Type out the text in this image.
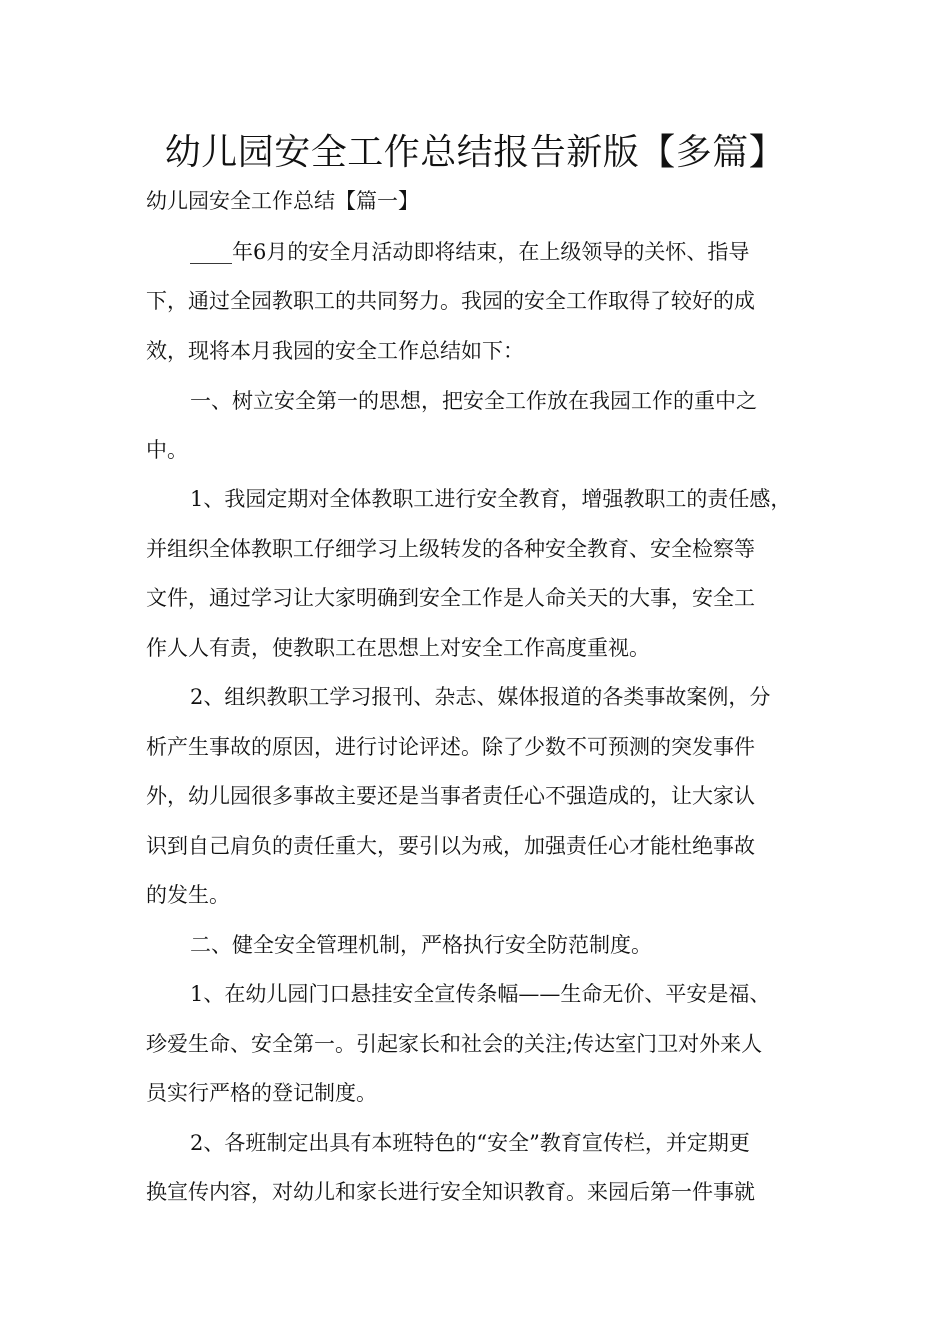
幼儿园安全工作总结报告新版【多篇】

幼儿园安全工作总结【篇一】

____年6月的安全月活动即将结束，在上级领导的关怀、指导

下，通过全园教职工的共同努力。我园的安全工作取得了较好的成

效，现将本月我园的安全工作总结如下：

一、树立安全第一的思想，把安全工作放在我园工作的重中之

中。

1、我园定期对全体教职工进行安全教育，增强教职工的责任感，

并组织全体教职工仔细学习上级转发的各种安全教育、安全检察等

文件，通过学习让大家明确到安全工作是人命关天的大事，安全工

作人人有责，使教职工在思想上对安全工作高度重视。

2、组织教职工学习报刊、杂志、媒体报道的各类事故案例，分

析产生事故的原因，进行讨论评述。除了少数不可预测的突发事件

外，幼儿园很多事故主要还是当事者责任心不强造成的，让大家认

识到自己肩负的责任重大，要引以为戒，加强责任心才能杜绝事故

的发生。

二、健全安全管理机制，严格执行安全防范制度。

1、在幼儿园门口悬挂安全宣传条幅——生命无价、平安是福、

珍爱生命、安全第一。引起家长和社会的关注;传达室门卫对外来人

员实行严格的登记制度。

2、各班制定出具有本班特色的“安全”教育宣传栏，并定期更

换宣传内容，对幼儿和家长进行安全知识教育。来园后第一件事就
